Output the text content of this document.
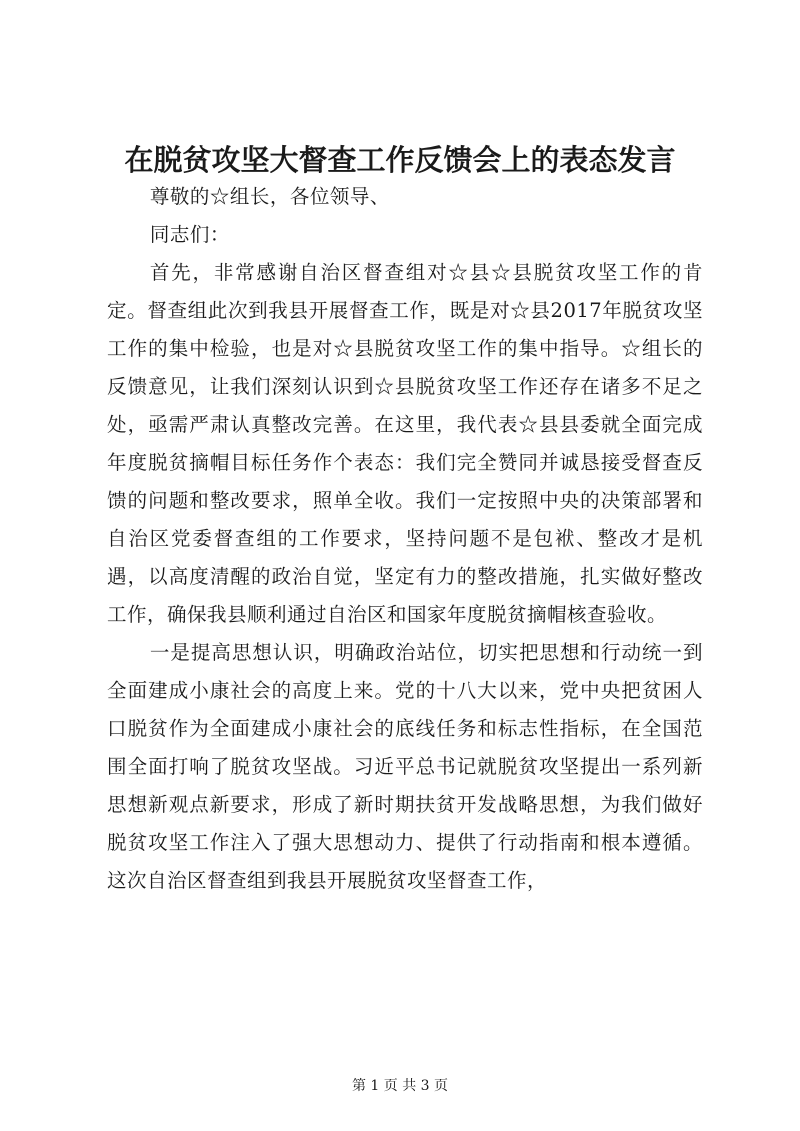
在脱贫攻坚大督查工作反馈会上的表态发言

尊敬的☆组长，各位领导、

同志们：

首先，非常感谢自治区督查组对☆县☆县脱贫攻坚工作的肯定。督查组此次到我县开展督查工作，既是对☆县2017年脱贫攻坚工作的集中检验，也是对☆县脱贫攻坚工作的集中指导。☆组长的反馈意见，让我们深刻认识到☆县脱贫攻坚工作还存在诸多不足之处，亟需严肃认真整改完善。在这里，我代表☆县县委就全面完成年度脱贫摘帽目标任务作个表态：我们完全赞同并诚恳接受督查反馈的问题和整改要求，照单全收。我们一定按照中央的决策部署和自治区党委督查组的工作要求，坚持问题不是包袱、整改才是机遇，以高度清醒的政治自觉，坚定有力的整改措施，扎实做好整改工作，确保我县顺利通过自治区和国家年度脱贫摘帽核查验收。

一是提高思想认识，明确政治站位，切实把思想和行动统一到全面建成小康社会的高度上来。党的十八大以来，党中央把贫困人口脱贫作为全面建成小康社会的底线任务和标志性指标，在全国范围全面打响了脱贫攻坚战。习近平总书记就脱贫攻坚提出一系列新思想新观点新要求，形成了新时期扶贫开发战略思想，为我们做好脱贫攻坚工作注入了强大思想动力、提供了行动指南和根本遵循。这次自治区督查组到我县开展脱贫攻坚督查工作，

第 1 页 共 3 页
